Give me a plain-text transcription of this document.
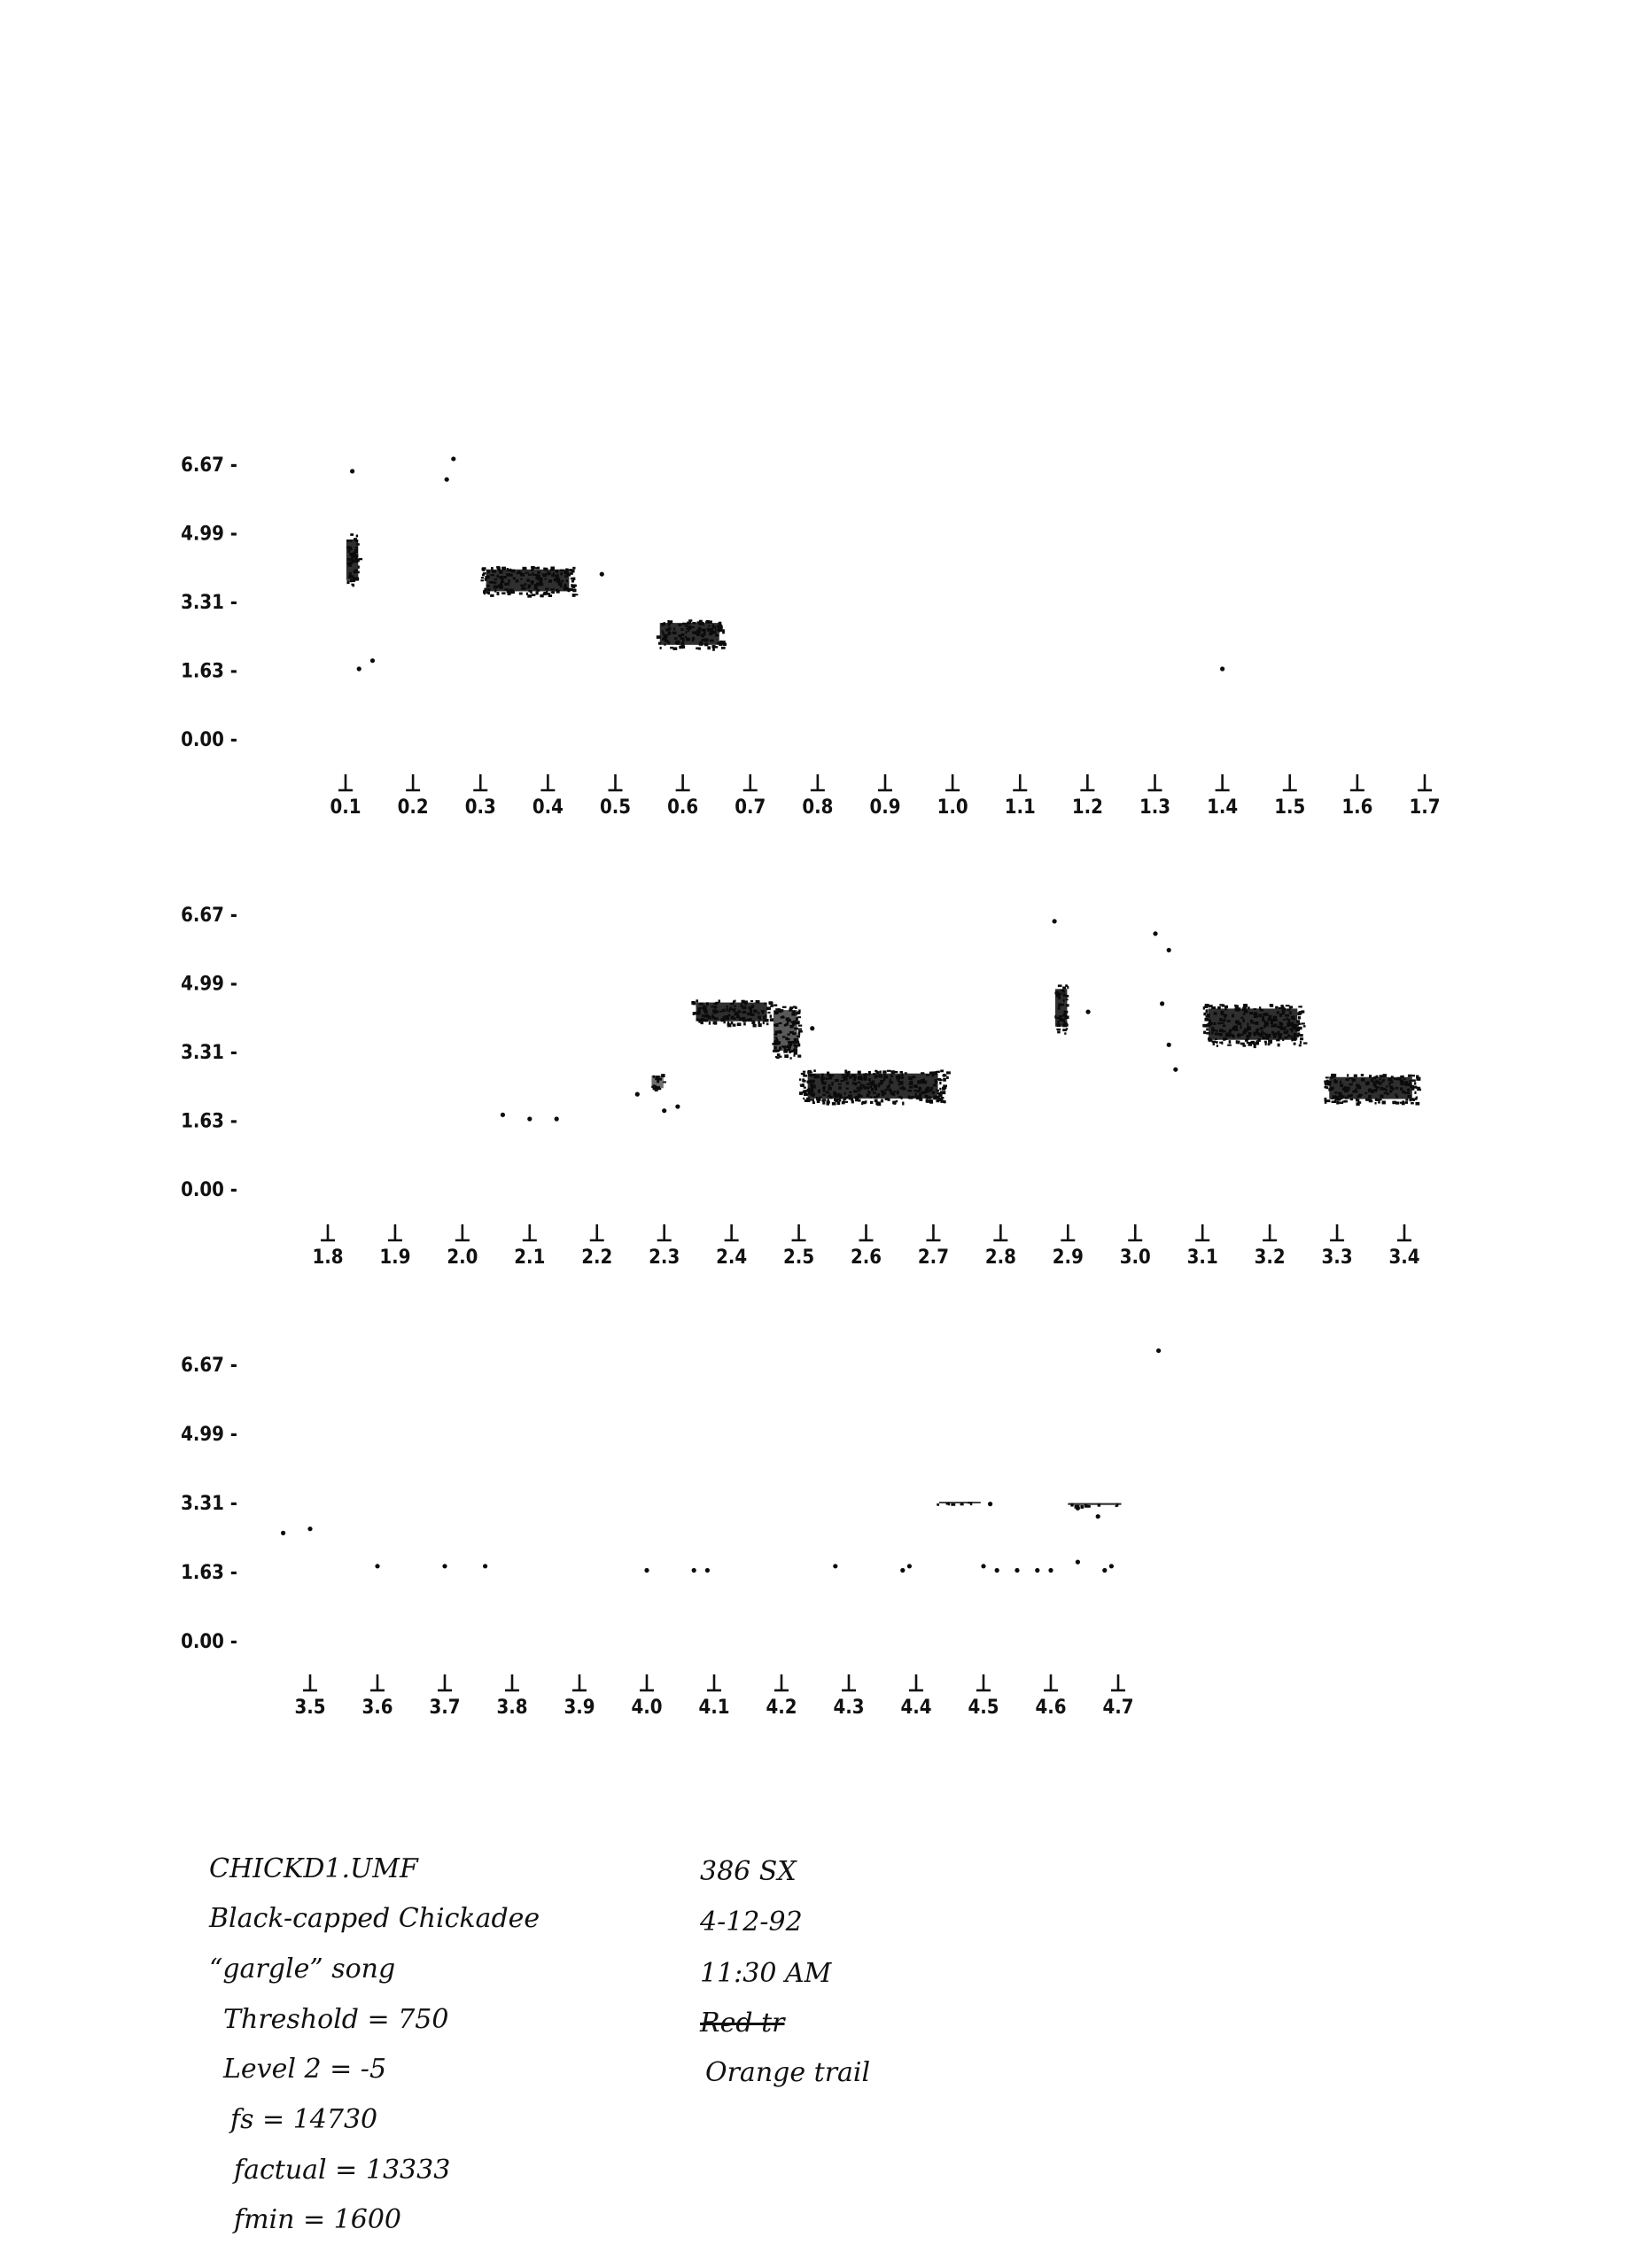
6.67 -
4.99 -
3.31 -
1.63 -
0.00 -
0.1 0.2 0.3 0.4 0.5 0.6 0.7 0.8 0.9 1.0 1.1 1.2 1.3 1.4 1.5 1.6 1.7
6.67 -
4.99 -
3.31 -
1.63 -
0.00 -
1.8 1.9 2.0 2.1 2.2 2.3 2.4 2.5 2.6 2.7 2.8 2.9 3.0 3.1 3.2 3.3 3.4
6.67 -
4.99 -
3.31 -
1.63 -
0.00 -
3.5 3.6 3.7 3.8 3.9 4.0 4.1 4.2 4.3 4.4 4.5 4.6 4.7
CHICKD1.UMF
Black-capped Chickadee
“gargle” song
Threshold = 750
Level 2 = -5
fs = 14730
factual = 13333
fmin = 1600
386 SX
4-12-92
11:30 AM
Red tr
Orange trail
